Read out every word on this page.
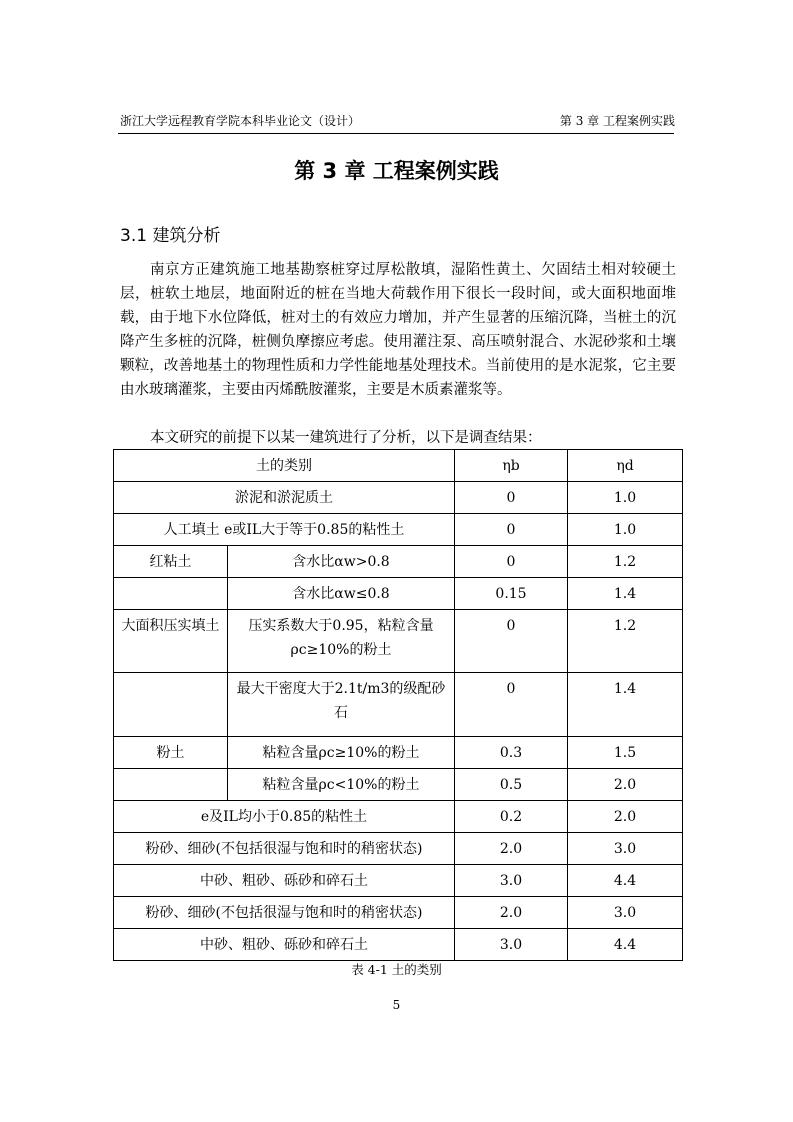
浙江大学远程教育学院本科毕业论文（设计）	第 3 章 工程案例实践
第 3 章 工程案例实践
3.1 建筑分析
南京方正建筑施工地基勘察桩穿过厚松散填，湿陷性黄土、欠固结土相对较硬土层，桩软土地层，地面附近的桩在当地大荷载作用下很长一段时间，或大面积地面堆载，由于地下水位降低，桩对土的有效应力增加，并产生显著的压缩沉降，当桩土的沉降产生多桩的沉降，桩侧负摩擦应考虑。使用灌注泵、高压喷射混合、水泥砂浆和土壤颗粒，改善地基土的物理性质和力学性能地基处理技术。当前使用的是水泥浆，它主要由水玻璃灌浆，主要由丙烯酰胺灌浆，主要是木质素灌浆等。
本文研究的前提下以某一建筑进行了分析，以下是调查结果：
土的类别		ηb	ηd
淤泥和淤泥质土		0	1.0
人工填土 e或IL大于等于0.85的粘性土		0	1.0
红粘土	含水比αw>0.8	0	1.2
	含水比αw≤0.8	0.15	1.4
大面积压实填土	压实系数大于0.95，粘粒含量ρc≥10%的粉土	0	1.2
	最大干密度大于2.1t/m3的级配砂石	0	1.4
粉土	粘粒含量ρc≥10%的粉土	0.3	1.5
	粘粒含量ρc<10%的粉土	0.5	2.0
e及IL均小于0.85的粘性土		0.2	2.0
粉砂、细砂(不包括很湿与饱和时的稍密状态)		2.0	3.0
中砂、粗砂、砾砂和碎石土		3.0	4.4
粉砂、细砂(不包括很湿与饱和时的稍密状态)		2.0	3.0
中砂、粗砂、砾砂和碎石土		3.0	4.4
表 4-1 土的类别
5
